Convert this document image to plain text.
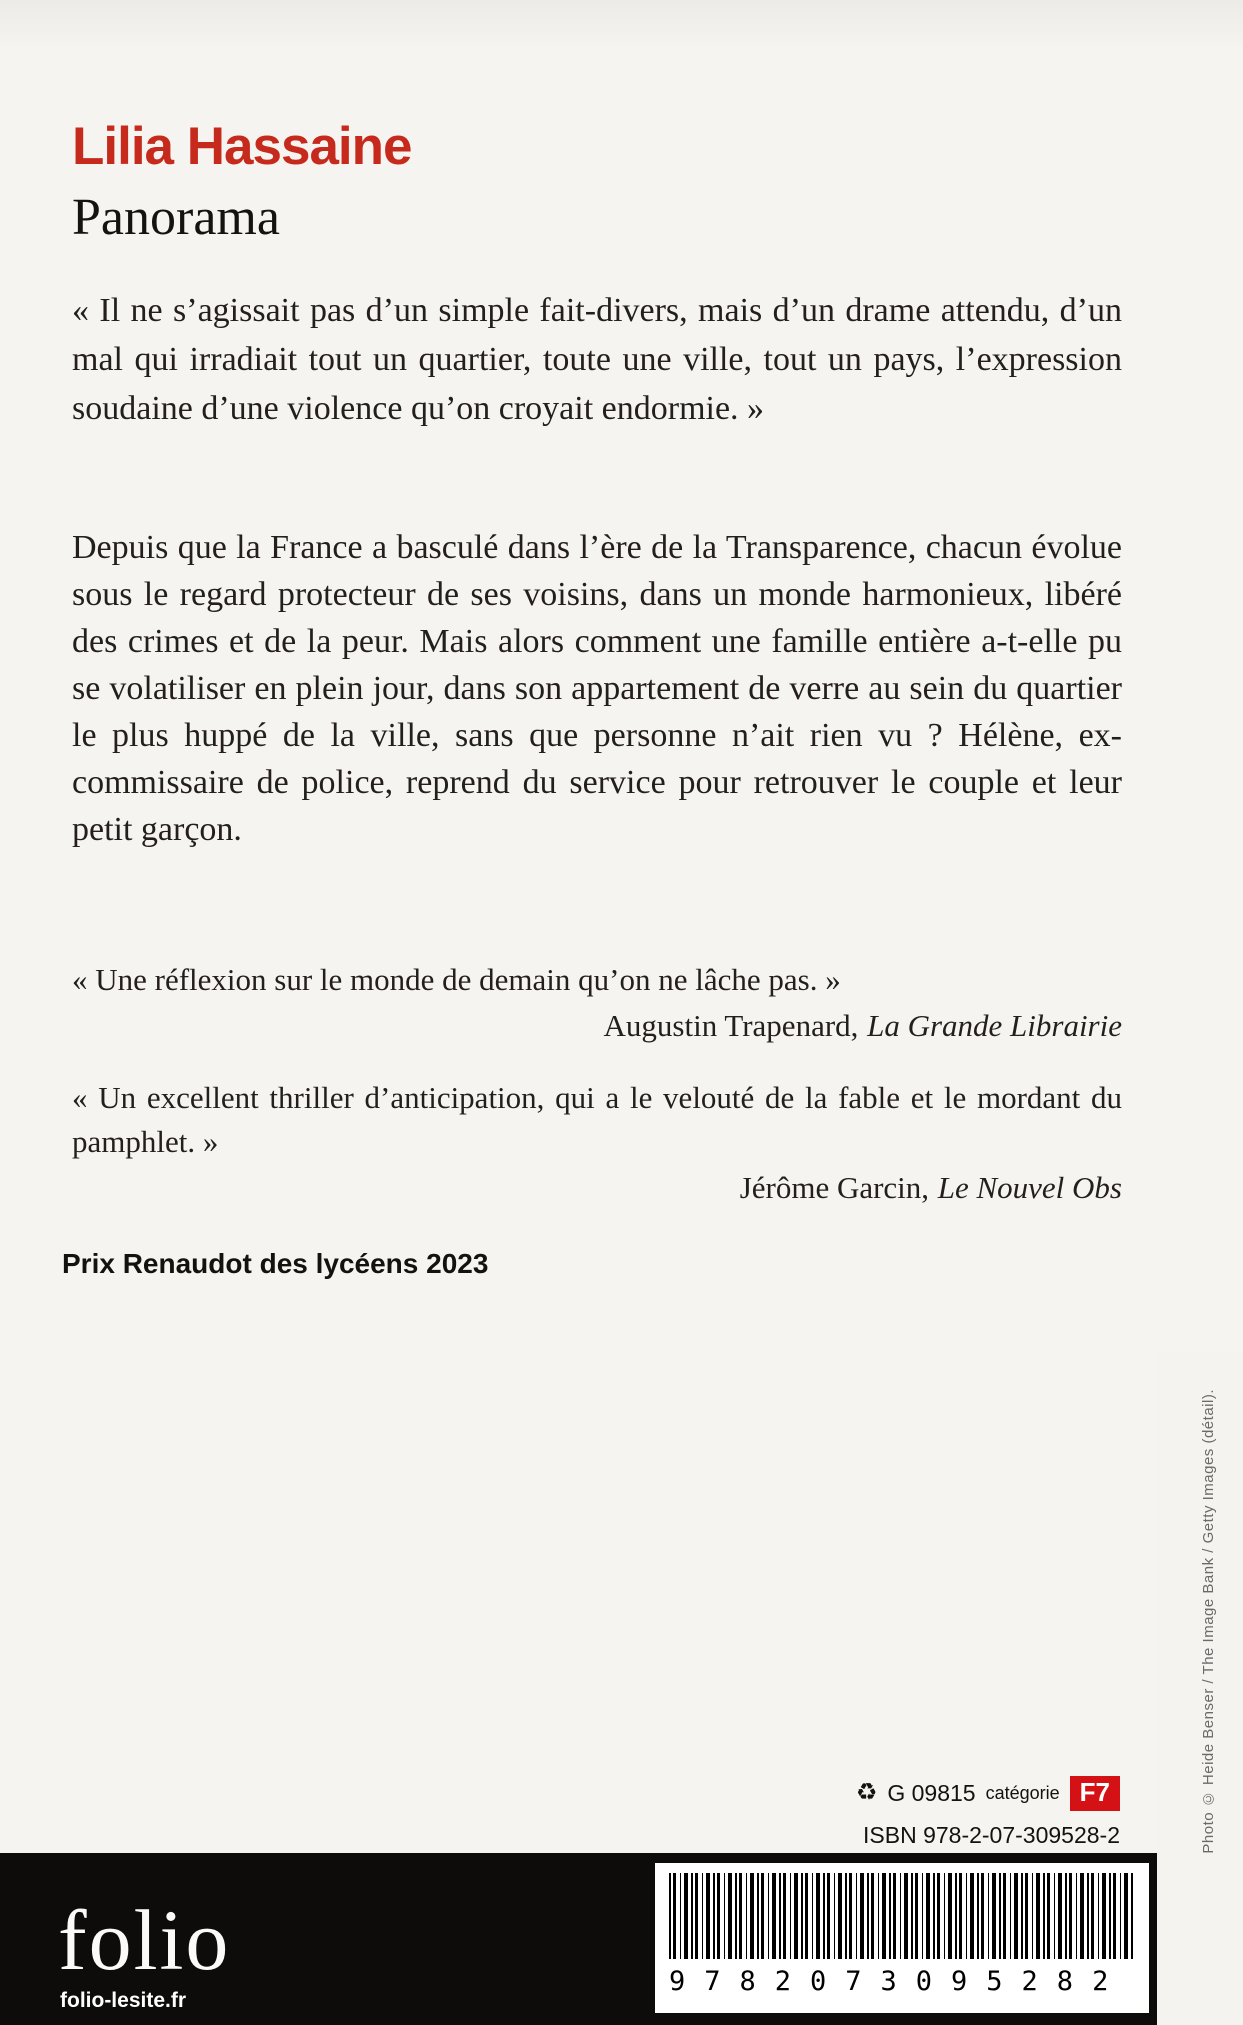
Lilia Hassaine
Panorama

« Il ne s’agissait pas d’un simple fait-divers, mais d’un drame attendu, d’un mal qui irradiait tout un quartier, toute une ville, tout un pays, l’expression soudaine d’une violence qu’on croyait endormie. »

Depuis que la France a basculé dans l’ère de la Transparence, chacun évolue sous le regard protecteur de ses voisins, dans un monde harmonieux, libéré des crimes et de la peur. Mais alors comment une famille entière a-t-elle pu se volatiliser en plein jour, dans son appartement de verre au sein du quartier le plus huppé de la ville, sans que personne n’ait rien vu ? Hélène, ex-commissaire de police, reprend du service pour retrouver le couple et leur petit garçon.

« Une réflexion sur le monde de demain qu’on ne lâche pas. »

Augustin Trapenard, La Grande Librairie

« Un excellent thriller d’anticipation, qui a le velouté de la fable et le mordant du pamphlet. »

Jérôme Garcin, Le Nouvel Obs

Prix Renaudot des lycéens 2023
♻ G 09815 catégorie F7
ISBN 978-2-07-309528-2
folio
folio-lesite.fr
Photo © Heide Benser / The Image Bank / Getty Images (détail).
9782073095282
